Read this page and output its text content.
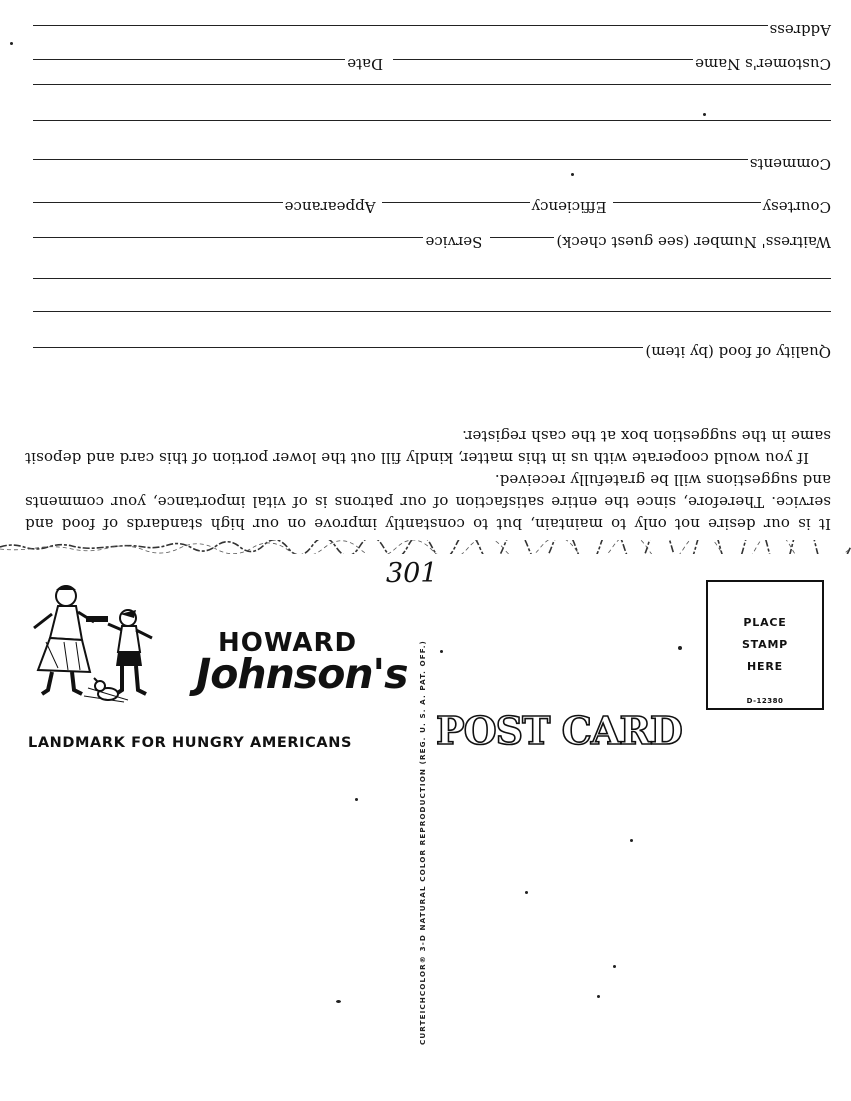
It is our desire not only to maintain, but to constantly improve on our high standards of food and service. Therefore, since the entire satisfaction of our patrons is of vital importance, your comments and suggestions will be gratefully received.

If you would cooperate with us in this matter, kindly fill out the lower portion of this card and deposit same in the suggestion box at the cash register.

Quality of food (by item)
Waitress' Number (see guest check)
Service
Courtesy
Efficiency
Appearance
Comments
Customer's Name
Date
Address
HOWARD
Johnson's
LANDMARK FOR HUNGRY AMERICANS
301
CURTEICHCOLOR® 3-D NATURAL COLOR REPRODUCTION (REG. U. S. A. PAT. OFF.) POST CARD
PLACE
STAMP
HERE
D-12380
